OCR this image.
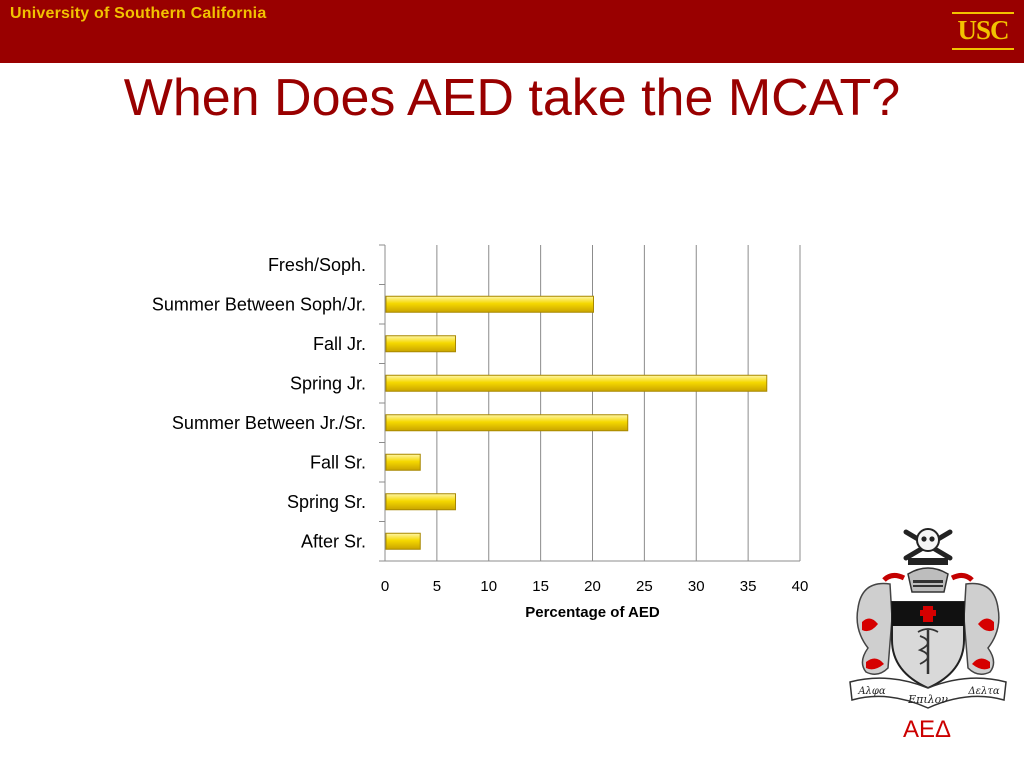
University of Southern California
USC
When Does AED take the MCAT?
0	5	10 15 20 25 30 35 40
Fresh/Soph.
Summer Between Soph/Jr.
Fall Jr.
Spring Jr.
Summer Between Jr./Sr.
Fall Sr.
Spring Sr.
After Sr.
Percentage of AED
Αλφα
Επιλον
Δελτα
ΑΕΔ
